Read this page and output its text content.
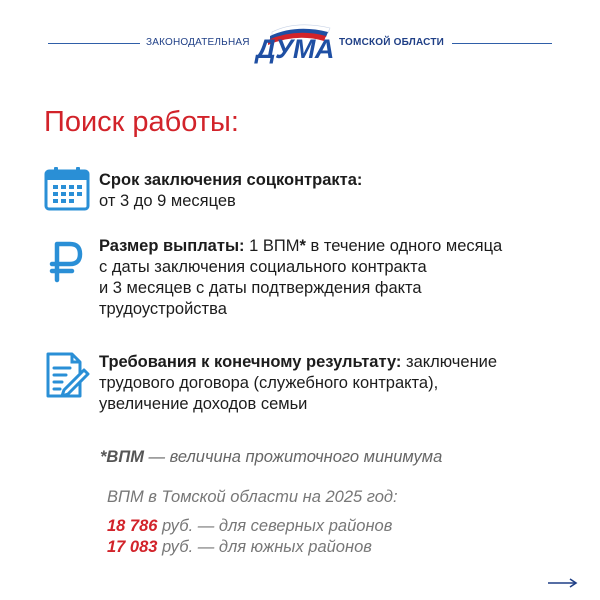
ЗАКОНОДАТЕЛЬНАЯ ДУМА ТОМСКОЙ ОБЛАСТИ
Поиск работы:
Срок заключения соцконтракта:
от 3 до 9 месяцев
Размер выплаты: 1 ВПМ* в течение одного месяца
с даты заключения социального контракта
и 3 месяцев с даты подтверждения факта
трудоустройства
Требования к конечному результату: заключение
трудового договора (служебного контракта),
увеличение доходов семьи
*ВПМ — величина прожиточного минимума
ВПМ в Томской области на 2025 год:
18 786 руб. — для северных районов
17 083 руб. — для южных районов
